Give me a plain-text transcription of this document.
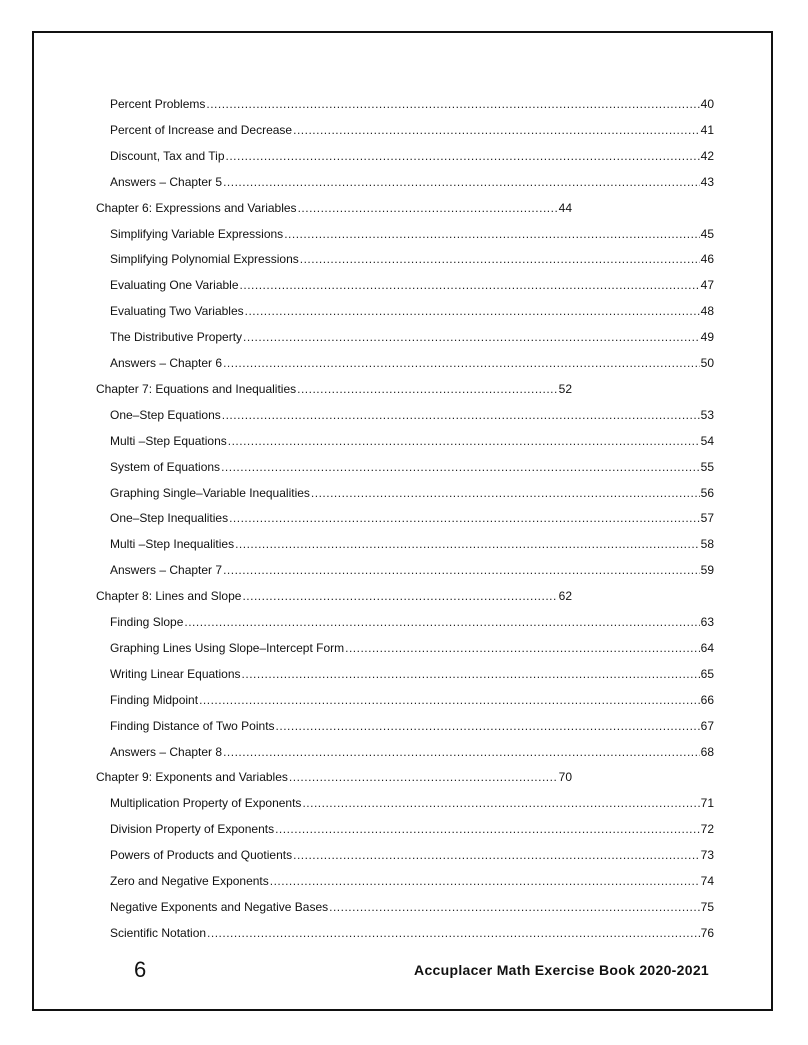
Percent Problems .....	40
Percent of Increase and Decrease .....	41
Discount, Tax and Tip .....	42
Answers – Chapter 5 .....	43
Chapter 6: Expressions and Variables .....	44
Simplifying Variable Expressions .....	45
Simplifying Polynomial Expressions .....	46
Evaluating One Variable .....	47
Evaluating Two Variables .....	48
The Distributive Property .....	49
Answers – Chapter 6 .....	50
Chapter 7: Equations and Inequalities .....	52
One–Step Equations .....	53
Multi –Step Equations .....	54
System of Equations .....	55
Graphing Single–Variable Inequalities .....	56
One–Step Inequalities .....	57
Multi –Step Inequalities .....	58
Answers – Chapter 7 .....	59
Chapter 8: Lines and Slope .....	62
Finding Slope .....	63
Graphing Lines Using Slope–Intercept Form .....	64
Writing Linear Equations .....	65
Finding Midpoint .....	66
Finding Distance of Two Points .....	67
Answers – Chapter 8 .....	68
Chapter 9: Exponents and Variables .....	70
Multiplication Property of Exponents .....	71
Division Property of Exponents .....	72
Powers of Products and Quotients .....	73
Zero and Negative Exponents .....	74
Negative Exponents and Negative Bases .....	75
Scientific Notation .....	76
6	Accuplacer Math Exercise Book 2020-2021
